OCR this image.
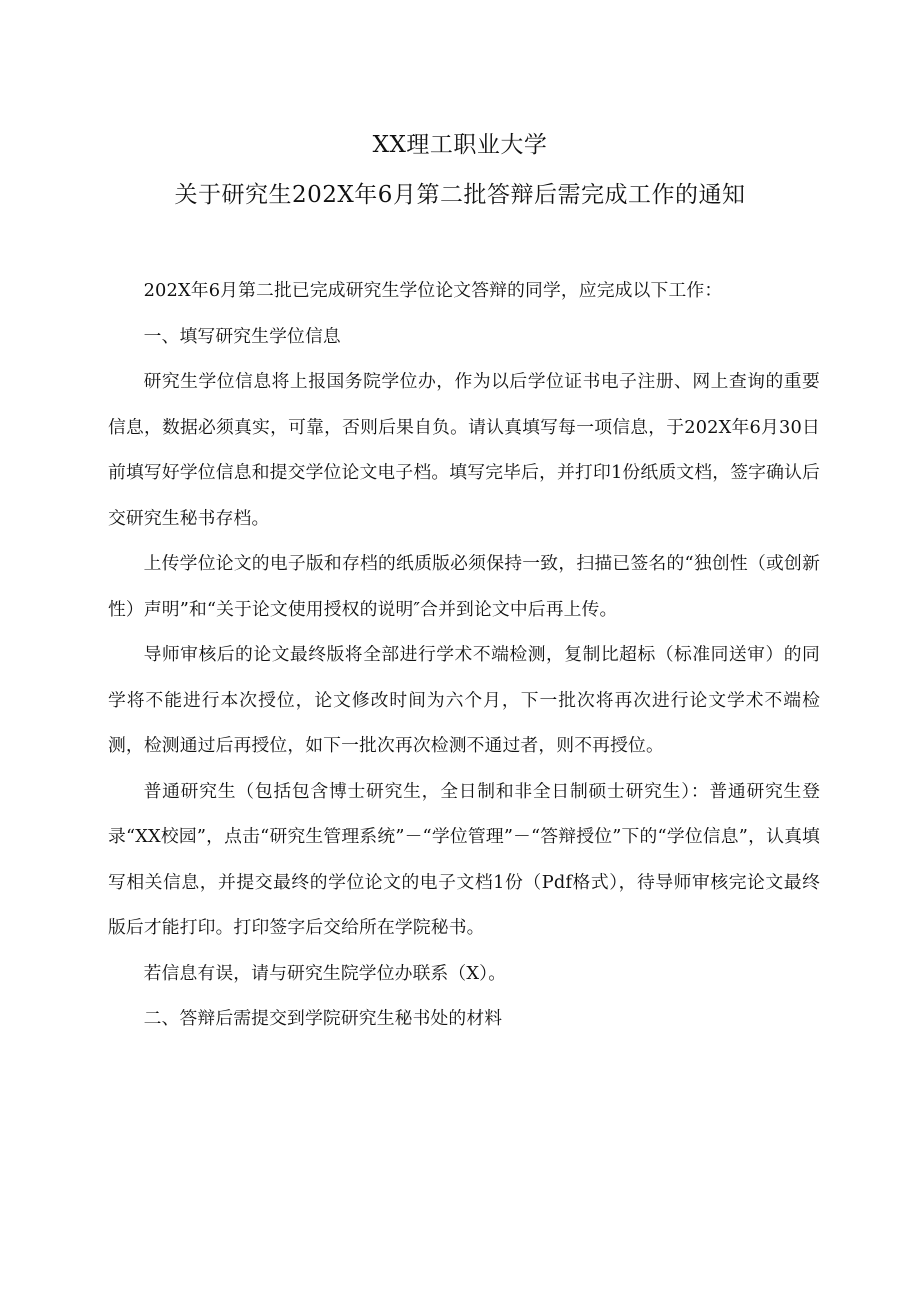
XX理工职业大学
关于研究生202X年6月第二批答辩后需完成工作的通知

202X年6月第二批已完成研究生学位论文答辩的同学，应完成以下工作：

一、填写研究生学位信息

研究生学位信息将上报国务院学位办，作为以后学位证书电子注册、网上查询的重要信息，数据必须真实，可靠，否则后果自负。请认真填写每一项信息，于202X年6月30日前填写好学位信息和提交学位论文电子档。填写完毕后，并打印1份纸质文档，签字确认后交研究生秘书存档。

上传学位论文的电子版和存档的纸质版必须保持一致，扫描已签名的“独创性（或创新性）声明”和“关于论文使用授权的说明″合并到论文中后再上传。

导师审核后的论文最终版将全部进行学术不端检测，复制比超标（标准同送审）的同学将不能进行本次授位，论文修改时间为六个月，下一批次将再次进行论文学术不端检测，检测通过后再授位，如下一批次再次检测不通过者，则不再授位。

普通研究生（包括包含博士研究生，全日制和非全日制硕士研究生）：普通研究生登录“XX校园”，点击“研究生管理系统”－“学位管理”－“答辩授位”下的“学位信息”，认真填写相关信息，并提交最终的学位论文的电子文档1份（Pdf格式），待导师审核完论文最终版后才能打印。打印签字后交给所在学院秘书。

若信息有误，请与研究生院学位办联系（X）。

二、答辩后需提交到学院研究生秘书处的材料
